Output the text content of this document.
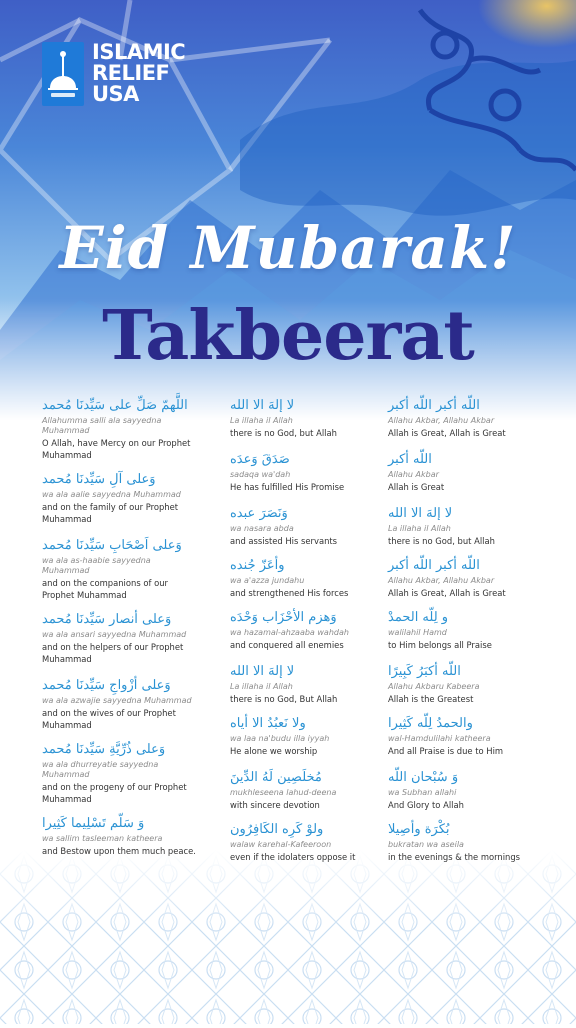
ISLAMIC
RELIEF
USA
Eid Mubarak!
Takbeerat
اللَّهمّ صَلِّ على سَيِّدنَا مُحمد
Allahumma salli ala sayyedna Muhammad
O Allah, have Mercy on our Prophet Muhammad
وَعلى آلِ سَيِّدنَا مُحمد
wa ala aalie sayyedna Muhammad
and on the family of our Prophet Muhammad
وَعلى اَصْحَابِ سَيِّدنَا مُحمد
wa ala as-haabie sayyedna Muhammad
and on the companions of our Prophet Muhammad
وَعلى أنصار سَيِّدنَا مُحمد
wa ala ansari sayyedna Muhammad
and on the helpers of our Prophet Muhammad
وَعلى أزْواجِ سَيِّدنَا مُحمد
wa ala azwajie sayyedna Muhammad
and on the wives of our Prophet Muhammad
وَعلى ذُرِّيَّةِ سَيِّدنَا مُحمد
wa ala dhurreyatie sayyedna Muhammad
and on the progeny of our Prophet Muhammad
وَ سَلّم تَسْلِيما كَثِيرا
wa sallim tasleeman katheera
and Bestow upon them much peace.
لا إلهَ الا الله
La illaha il Allah
there is no God, but Allah
صَدَقَ وَعدَه
sadaqa wa'dah
He has fulfilled His Promise
وَنَصَرَ عبده
wa nasara abda
and assisted His servants
وأعَزّ جُنده
wa a'azza jundahu
and strengthened His forces
وَهزم الأحْزَاب وَحْدَه
wa hazamal-ahzaaba wahdah
and conquered all enemies
لا إلهَ الا الله
La illaha il Allah
there is no God, But Allah
ولا نَعبُدُ الا أياه
wa laa na'budu illa iyyah
He alone we worship
مُخلَصِين لَهُ الدِّينَ
mukhleseena lahud-deena
with sincere devotion
ولوْ كَرِه الكَافِرُون
walaw karehal-Kafeeroon
even if the idolaters oppose it
اللّه أكبر اللّه أكبر
Allahu Akbar, Allahu Akbar
Allah is Great, Allah is Great
اللّه أكبر
Allahu Akbar
Allah is Great
لا إلهَ الا الله
La illaha il Allah
there is no God, but Allah
اللّه أكبر اللّه أكبر
Allahu Akbar, Allahu Akbar
Allah is Great, Allah is Great
و لِلّه الحمدْ
walilahil Hamd
to Him belongs all Praise
اللّه أكبَرُ كَبِيرًا
Allahu Akbaru Kabeera
Allah is the Greatest
والحمدُ لِلّه كَثِيرا
wal-Hamdulilahi katheera
And all Praise is due to Him
وَ سُبْحان اللّه
wa Subhan allahi
And Glory to Allah
بُكْرَة وأصِيلا
bukratan wa aseila
in the evenings & the mornings
